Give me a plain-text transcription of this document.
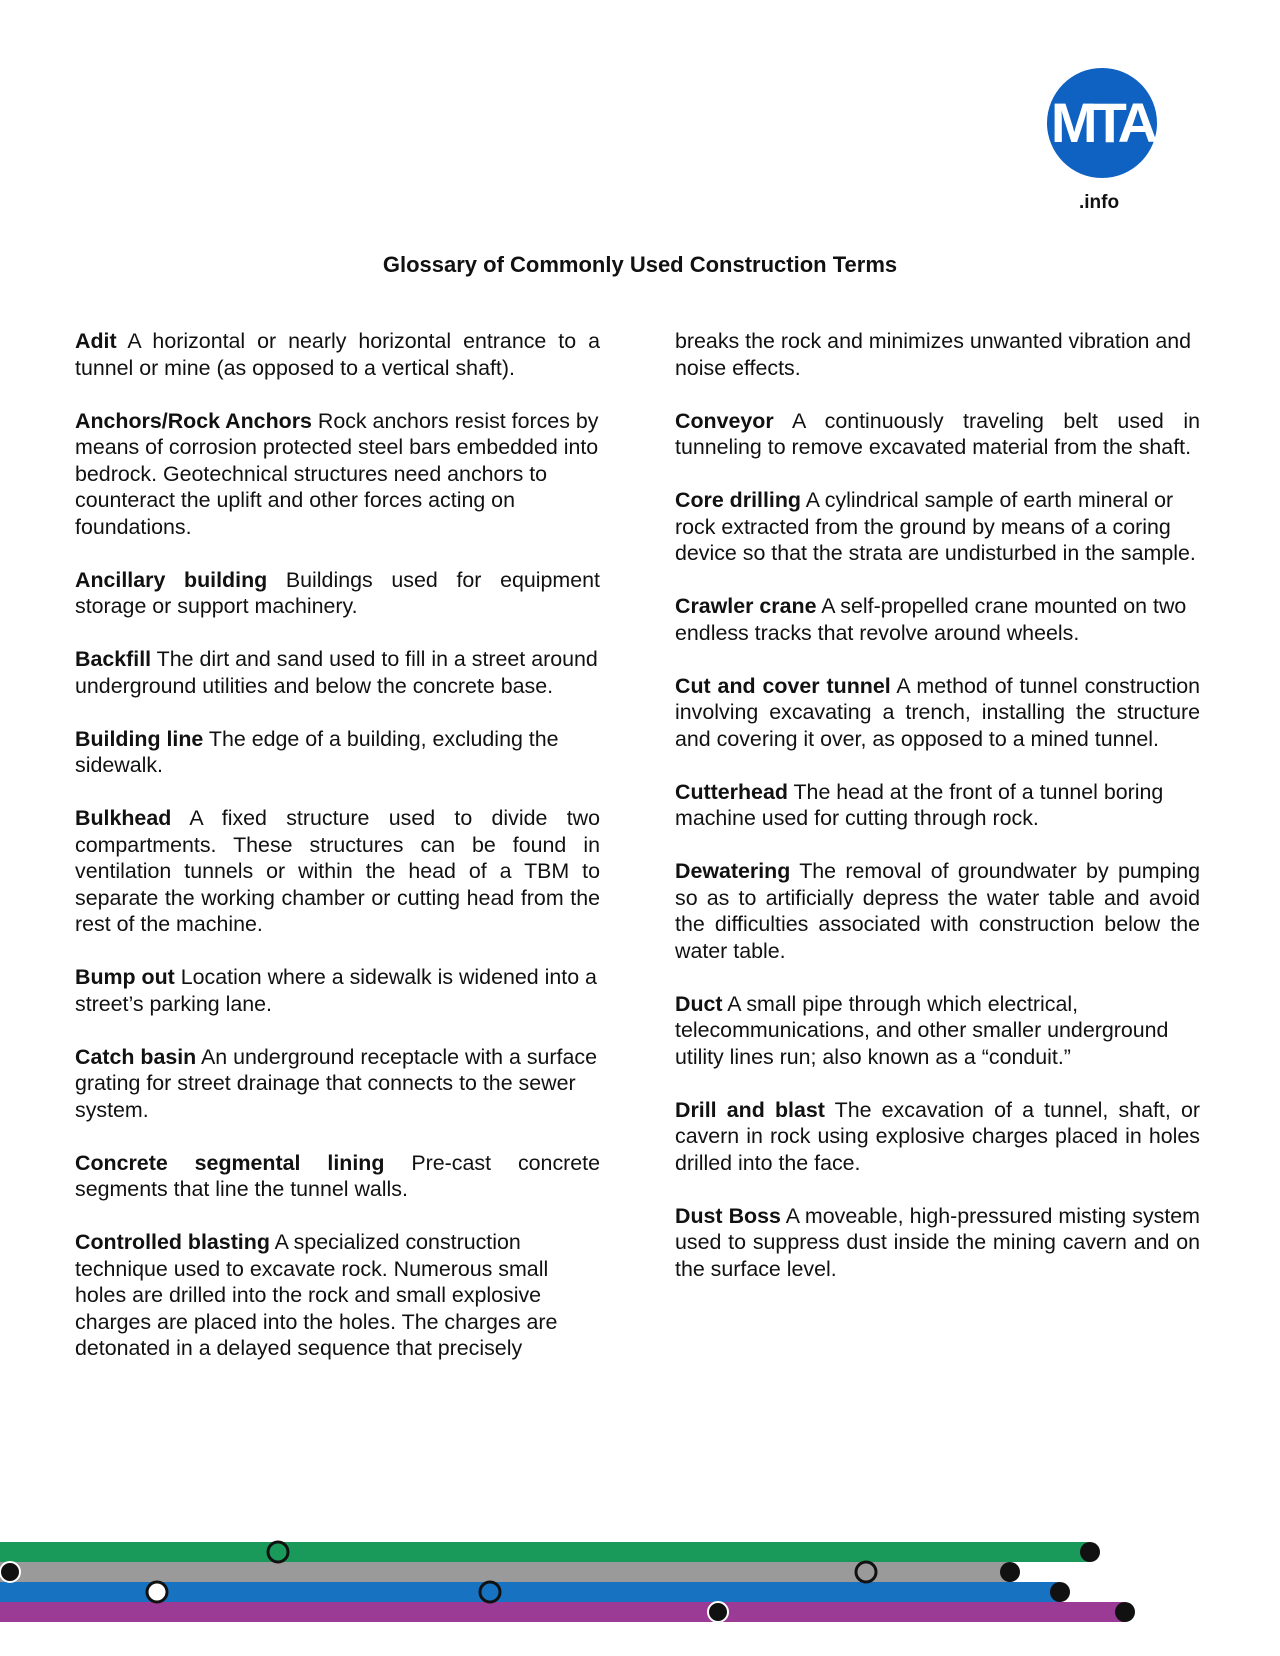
MTA
.info
Glossary of Commonly Used Construction Terms

Adit A horizontal or nearly horizontal entrance to a tunnel or mine (as opposed to a vertical shaft).

Anchors/Rock Anchors Rock anchors resist forces by means of corrosion protected steel bars embedded into bedrock. Geotechnical structures need anchors to counteract the uplift and other forces acting on foundations.

Ancillary building Buildings used for equipment storage or support machinery.

Backfill The dirt and sand used to fill in a street around underground utilities and below the concrete base.

Building line The edge of a building, excluding the sidewalk.

Bulkhead A fixed structure used to divide two compartments. These structures can be found in ventilation tunnels or within the head of a TBM to separate the working chamber or cutting head from the rest of the machine.

Bump out Location where a sidewalk is widened into a street’s parking lane.

Catch basin An underground receptacle with a surface grating for street drainage that connects to the sewer system.

Concrete segmental lining Pre-cast concrete segments that line the tunnel walls.

Controlled blasting A specialized construction technique used to excavate rock. Numerous small holes are drilled into the rock and small explosive charges are placed into the holes. The charges are detonated in a delayed sequence that precisely

breaks the rock and minimizes unwanted vibration and noise effects.

Conveyor A continuously traveling belt used in tunneling to remove excavated material from the shaft.

Core drilling A cylindrical sample of earth mineral or rock extracted from the ground by means of a coring device so that the strata are undisturbed in the sample.

Crawler crane A self-propelled crane mounted on two endless tracks that revolve around wheels.

Cut and cover tunnel A method of tunnel construction involving excavating a trench, installing the structure and covering it over, as opposed to a mined tunnel.

Cutterhead The head at the front of a tunnel boring machine used for cutting through rock.

Dewatering The removal of groundwater by pumping so as to artificially depress the water table and avoid the difficulties associated with construction below the water table.

Duct A small pipe through which electrical, telecommunications, and other smaller underground utility lines run; also known as a “conduit.”

Drill and blast The excavation of a tunnel, shaft, or cavern in rock using explosive charges placed in holes drilled into the face.

Dust Boss A moveable, high-pressured misting system used to suppress dust inside the mining cavern and on the surface level.
